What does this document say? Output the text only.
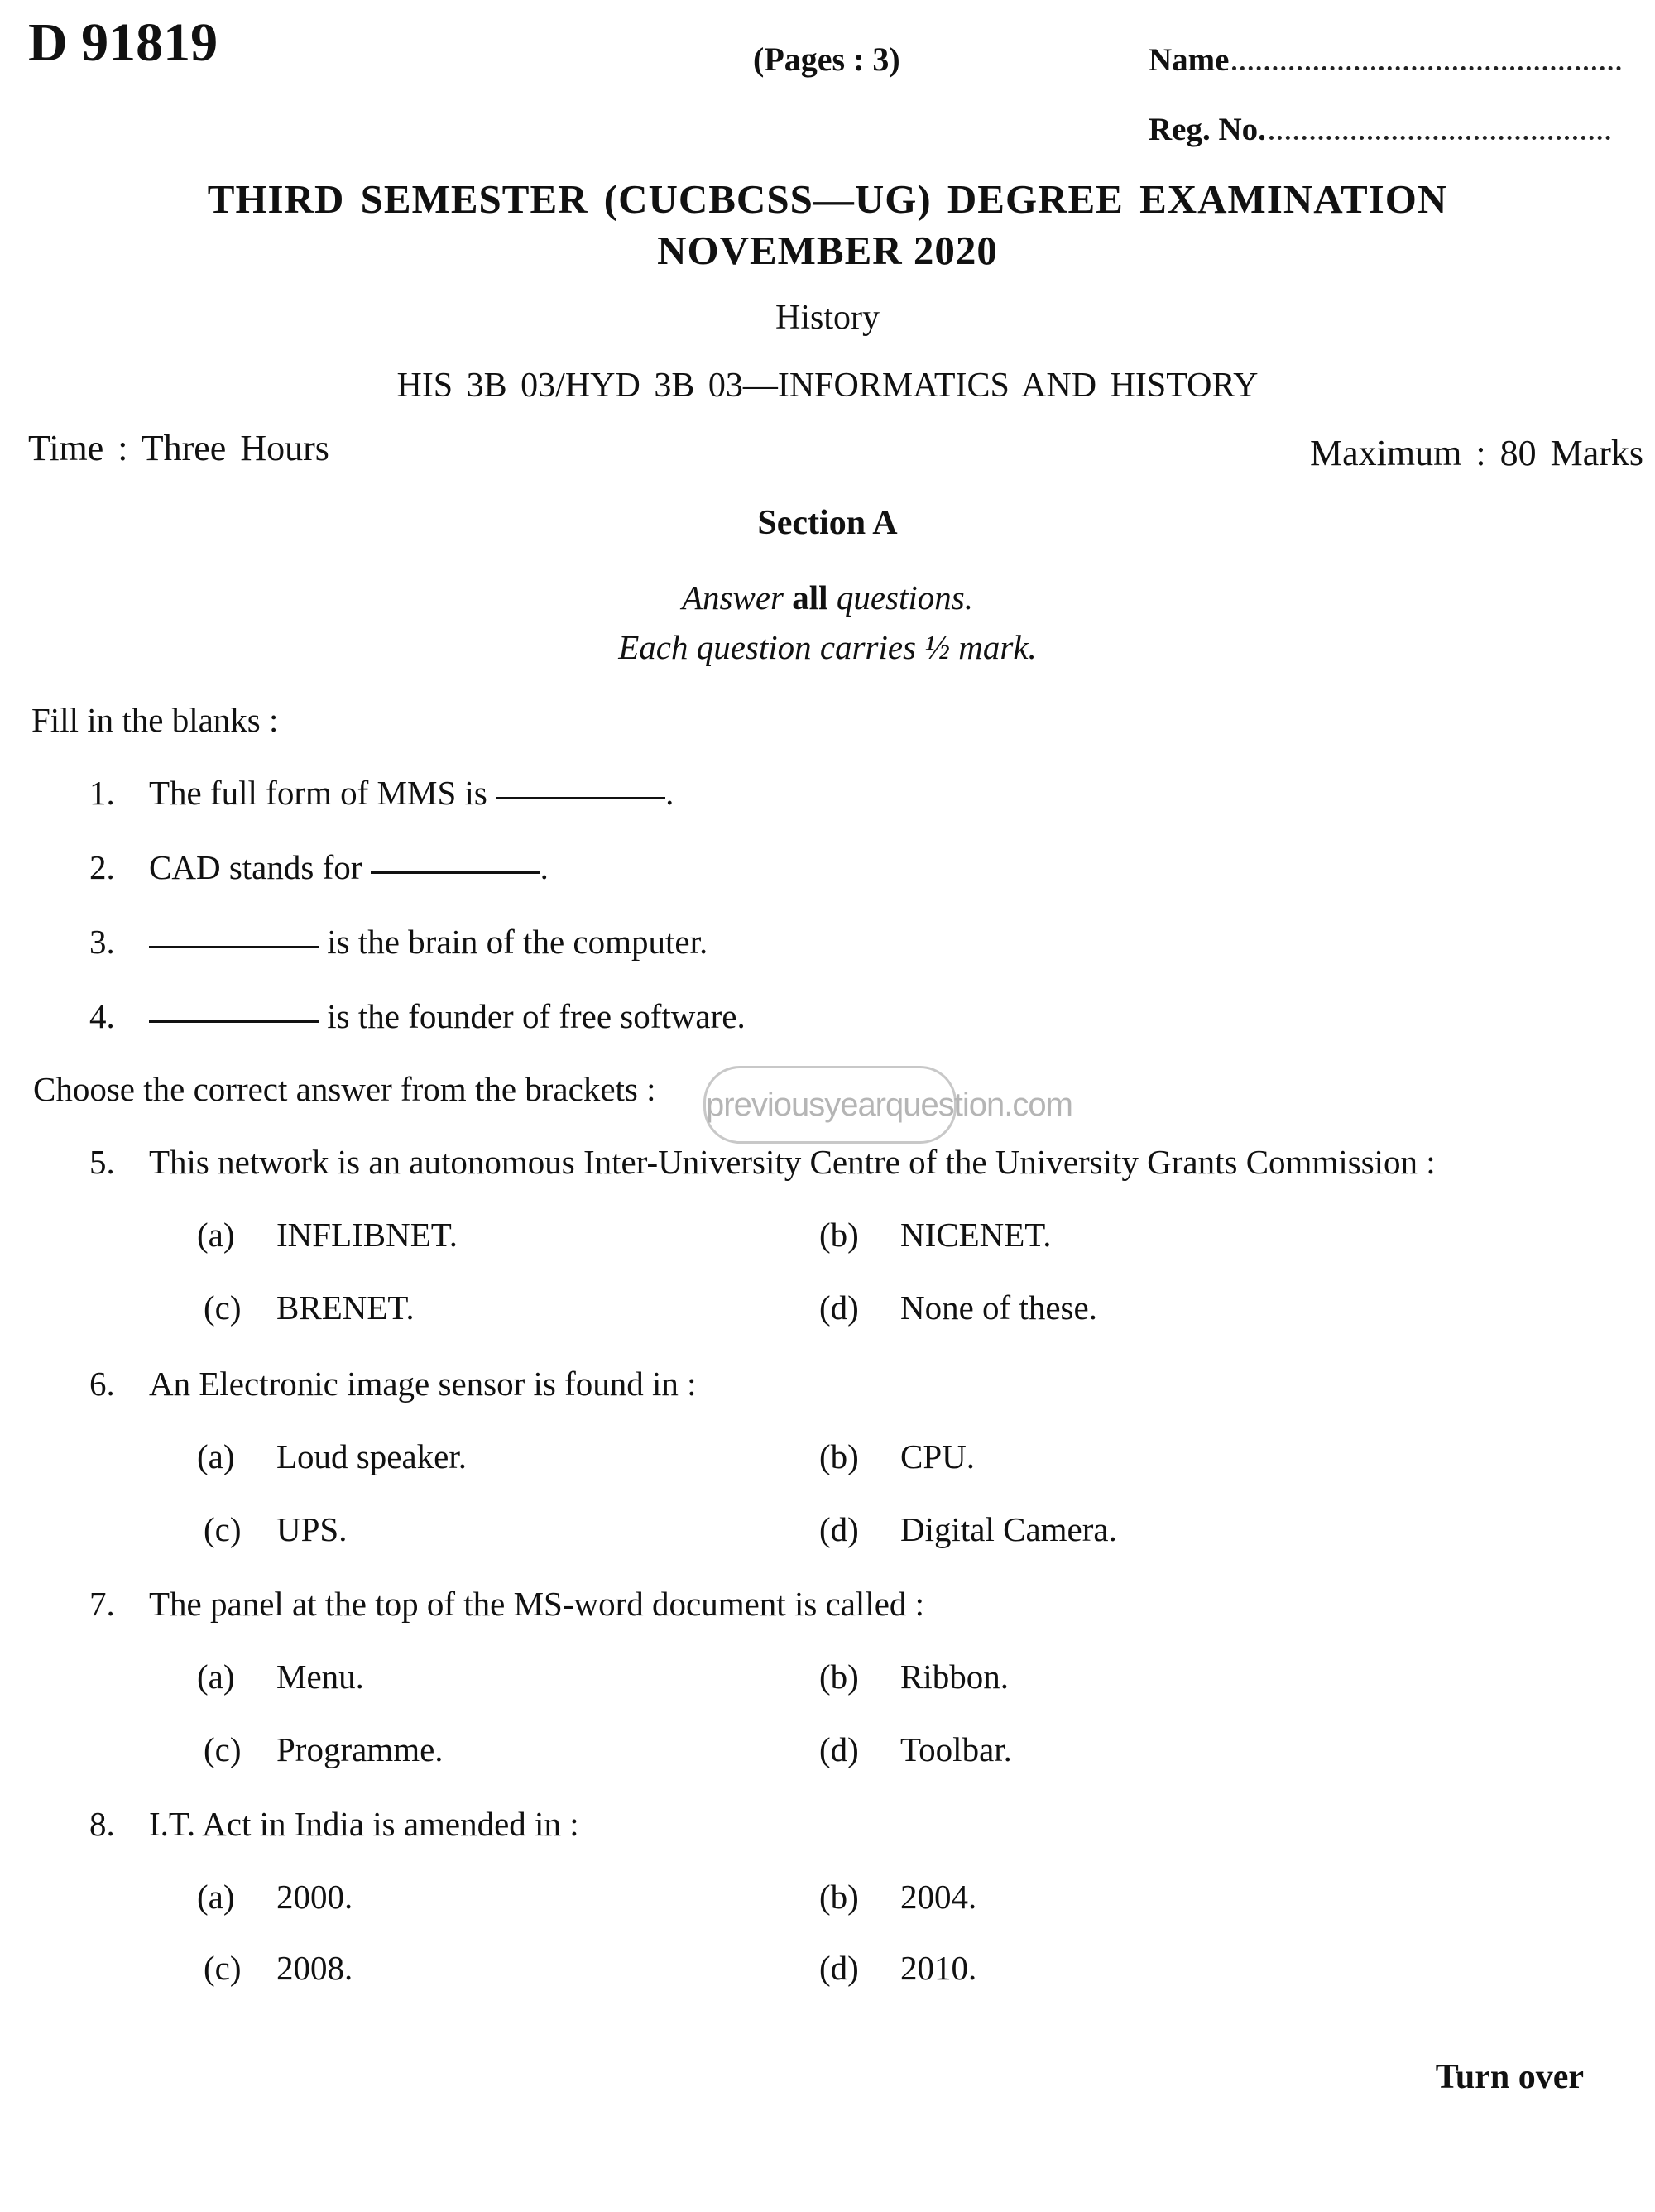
D 91819	(Pages : 3)	Name
Reg. No.
THIRD SEMESTER (CUCBCSS—UG) DEGREE EXAMINATION
NOVEMBER 2020
History
HIS 3B 03/HYD 3B 03—INFORMATICS AND HISTORY
Time : Three Hours	Maximum : 80 Marks
Section A
Answer all questions.
Each question carries ½ mark.
Fill in the blanks :
1. The full form of MMS is	.
2. CAD stands for	.
3.	is the brain of the computer.
4.	is the founder of free software.
Choose the correct answer from the brackets : previousyearquestion.com
5. This network is an autonomous Inter-University Centre of the University Grants Commission :
(a) INFLIBNET.	(b) NICENET.
(c) BRENET.	(d) None of these.
6. An Electronic image sensor is found in :
(a) Loud speaker.	(b) CPU.
(c) UPS.	(d) Digital Camera.
7. The panel at the top of the MS-word document is called :
(a) Menu.	(b) Ribbon.
(c) Programme.	(d) Toolbar.
8. I.T. Act in India is amended in :
(a) 2000.	(b) 2004.
(c) 2008.	(d) 2010.
Turn over
